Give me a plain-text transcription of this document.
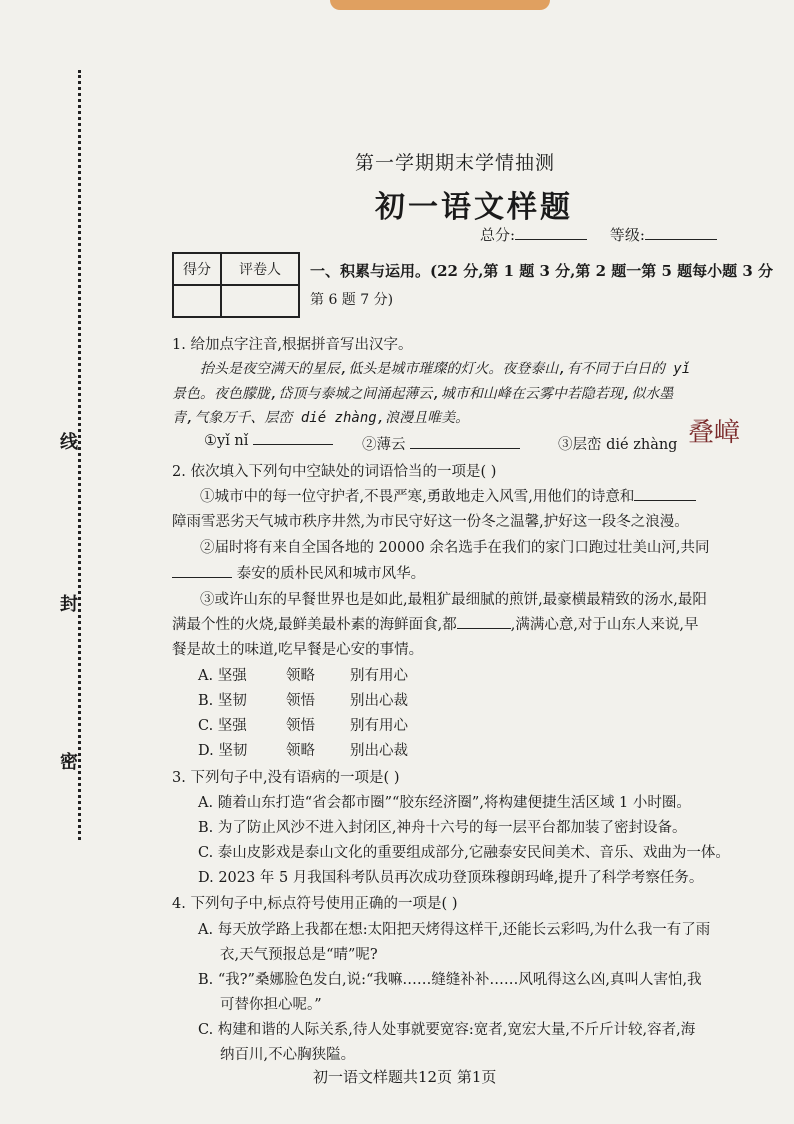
密
封
线
第一学期期末学情抽测
初一语文样题
总分:	等级:
得分	评卷人
	一、积累与运用。(22 分,第 1 题 3 分,第 2 题一第 5 题每小题 3 分
第 6 题 7 分)
1. 给加点字注音,根据拼音写出汉字。
抬头是夜空满天的星辰,低头是城市璀璨的灯火。夜登泰山,有不同于白日的 yǐ
景色。夜色朦胧,岱顶与泰城之间涌起薄云,城市和山峰在云雾中若隐若现,似水墨
青,气象万千、层峦 dié zhàng,浪漫且唯美。
①yǐ nǐ	②薄云	③层峦 dié zhàng 叠嶂
2. 依次填入下列句中空缺处的词语恰当的一项是( )
①城市中的每一位守护者,不畏严寒,勇敢地走入风雪,用他们的诗意和
障雨雪恶劣天气城市秩序井然,为市民守好这一份冬之温馨,护好这一段冬之浪漫。
②届时将有来自全国各地的 20000 余名选手在我们的家门口跑过壮美山河,共同
泰安的质朴民风和城市风华。
③或许山东的早餐世界也是如此,最粗犷最细腻的煎饼,最豪横最精致的汤水,最阳
满最个性的火烧,最鲜美最朴素的海鲜面食,都	,满满心意,对于山东人来说,早
餐是故土的味道,吃早餐是心安的事情。
A. 坚强	领略 别有用心
B. 坚韧	领悟 别出心裁
C. 坚强	领悟 别有用心
D. 坚韧	领略 别出心裁
3. 下列句子中,没有语病的一项是( )
A. 随着山东打造“省会都市圈”“胶东经济圈”,将构建便捷生活区域 1 小时圈。
B. 为了防止风沙不进入封闭区,神舟十六号的每一层平台都加装了密封设备。
C. 泰山皮影戏是泰山文化的重要组成部分,它融泰安民间美术、音乐、戏曲为一体。
D. 2023 年 5 月我国科考队员再次成功登顶珠穆朗玛峰,提升了科学考察任务。
4. 下列句子中,标点符号使用正确的一项是( )
A. 每天放学路上我都在想:太阳把天烤得这样干,还能长云彩吗,为什么我一有了雨
衣,天气预报总是“晴”呢?
B. “我?”桑娜脸色发白,说:“我嘛……缝缝补补……风吼得这么凶,真叫人害怕,我
可替你担心呢。”
C. 构建和谐的人际关系,待人处事就要宽容:宽者,宽宏大量,不斤斤计较,容者,海
纳百川,不心胸狭隘。
初一语文样题共12页 第1页
